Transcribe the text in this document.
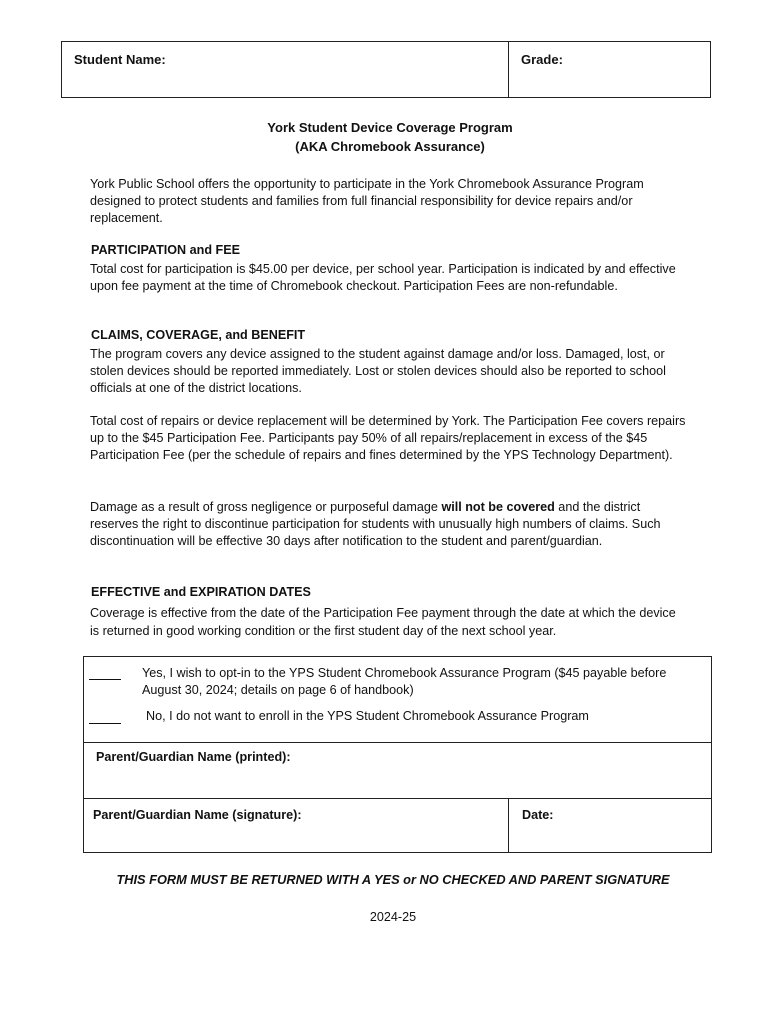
Student Name:	Grade:
York Student Device Coverage Program
(AKA Chromebook Assurance)

York Public School offers the opportunity to participate in the York Chromebook Assurance Program designed to protect students and families from full financial responsibility for device repairs and/or replacement.

PARTICIPATION and FEE

Total cost for participation is $45.00 per device, per school year. Participation is indicated by and effective upon fee payment at the time of Chromebook checkout. Participation Fees are non-refundable.

CLAIMS, COVERAGE, and BENEFIT

The program covers any device assigned to the student against damage and/or loss. Damaged, lost, or stolen devices should be reported immediately. Lost or stolen devices should also be reported to school officials at one of the district locations.

Total cost of repairs or device replacement will be determined by York. The Participation Fee covers repairs up to the $45 Participation Fee. Participants pay 50% of all repairs/replacement in excess of the $45 Participation Fee (per the schedule of repairs and fines determined by the YPS Technology Department).

Damage as a result of gross negligence or purposeful damage will not be covered and the district reserves the right to discontinue participation for students with unusually high numbers of claims. Such discontinuation will be effective 30 days after notification to the student and parent/guardian.

EFFECTIVE and EXPIRATION DATES

Coverage is effective from the date of the Participation Fee payment through the date at which the device is returned in good working condition or the first student day of the next school year.

Yes, I wish to opt-in to the YPS Student Chromebook Assurance Program ($45 payable before August 30, 2024; details on page 6 of handbook)

No, I do not want to enroll in the YPS Student Chromebook Assurance Program

Parent/Guardian Name (printed):
Parent/Guardian Name (signature):	Date:
THIS FORM MUST BE RETURNED WITH A YES or NO CHECKED AND PARENT SIGNATURE
2024-25
